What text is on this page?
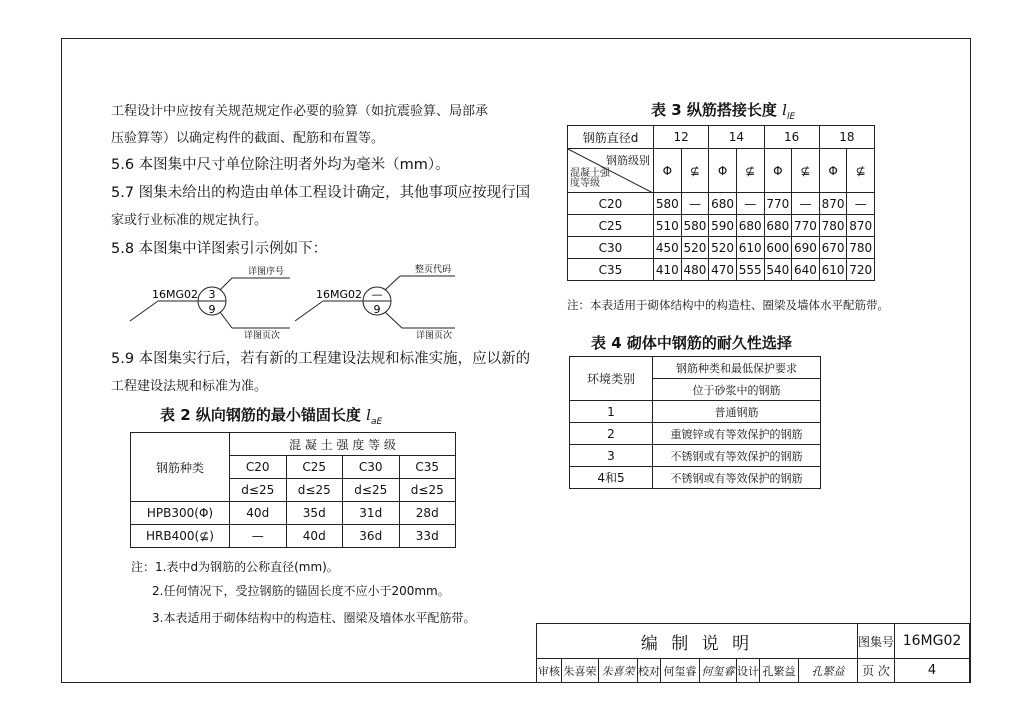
工程设计中应按有关规范规定作必要的验算（如抗震验算、局部承
压验算等）以确定构件的截面、配筋和布置等。
5.6 本图集中尺寸单位除注明者外均为毫米（mm）。
5.7 图集未给出的构造由单体工程设计确定，其他事项应按现行国
家或行业标准的规定执行。
5.8 本图集中详图索引示例如下：
详图序号
16MG02 3
9
详图页次
整页代码
16MG02 —
9
详图页次
5.9 本图集实行后，若有新的工程建设法规和标准实施，应以新的
工程建设法规和标准为准。
表 2 纵向钢筋的最小锚固长度 $l_{aE}$
钢筋种类	混 凝 土 强 度 等 级			
	C20	C25	C30	C35
	d≤25	d≤25	d≤25	d≤25
HPB300(Φ)	40d	35d	31d	28d
HRB400(⊈)	—	40d	36d	33d
注：1.表中d为钢筋的公称直径(mm)。
2.任何情况下，受拉钢筋的锚固长度不应小于200mm。
3.本表适用于砌体结构中的构造柱、圈梁及墙体水平配筋带。
表 3 纵筋搭接长度 $l_{lE}$
钢筋直径d	12		14		16		18	

钢筋级别
混凝土强度等级	Φ	⊈	Φ	⊈	Φ	⊈	Φ	⊈
C20	580	—	680	—	770	—	870	—
C25	510	580	590	680	680	770	780	870
C30	450	520	520	610	600	690	670	780
C35	410	480	470	555	540	640	610	720
注：本表适用于砌体结构中的构造柱、圈梁及墙体水平配筋带。
表 4 砌体中钢筋的耐久性选择
环境类别	钢筋种类和最低保护要求
	位于砂浆中的钢筋
1	普通钢筋
2	重镀锌或有等效保护的钢筋
3	不锈钢或有等效保护的钢筋
4和5	不锈钢或有等效保护的钢筋
编 制 说 明									图集号	16MG02
审核	朱喜荣	朱喜荣	校对	何玺睿	何玺睿	设计	孔繁益	孔繁益	页 次	4
